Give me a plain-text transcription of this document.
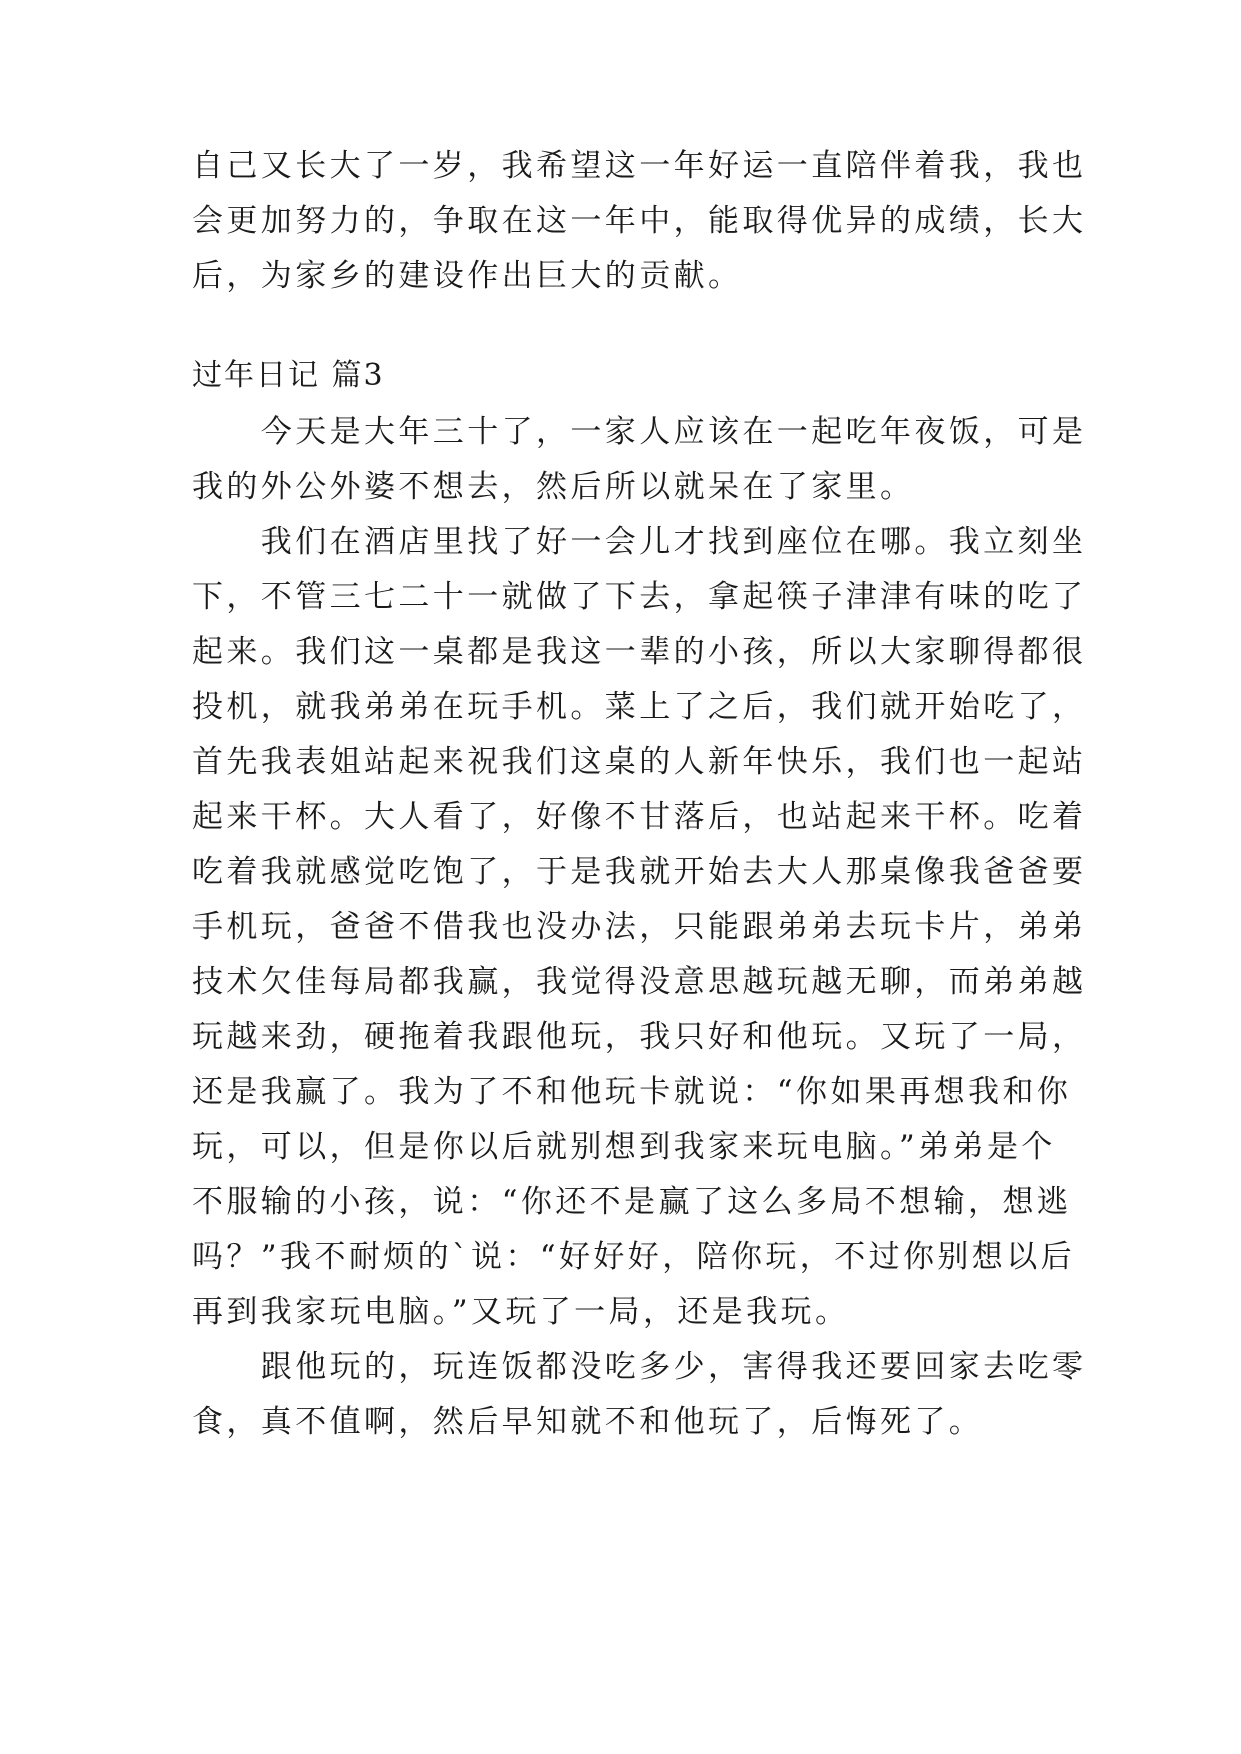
自己又长大了一岁，我希望这一年好运一直陪伴着我，我也

会更加努力的，争取在这一年中，能取得优异的成绩，长大

后，为家乡的建设作出巨大的贡献。

过年日记 篇3

　　今天是大年三十了，一家人应该在一起吃年夜饭，可是

我的外公外婆不想去，然后所以就呆在了家里。

　　我们在酒店里找了好一会儿才找到座位在哪。我立刻坐

下，不管三七二十一就做了下去，拿起筷子津津有味的吃了

起来。我们这一桌都是我这一辈的小孩，所以大家聊得都很

投机，就我弟弟在玩手机。菜上了之后，我们就开始吃了，

首先我表姐站起来祝我们这桌的人新年快乐，我们也一起站

起来干杯。大人看了，好像不甘落后，也站起来干杯。吃着

吃着我就感觉吃饱了，于是我就开始去大人那桌像我爸爸要

手机玩，爸爸不借我也没办法，只能跟弟弟去玩卡片，弟弟

技术欠佳每局都我赢，我觉得没意思越玩越无聊，而弟弟越

玩越来劲，硬拖着我跟他玩，我只好和他玩。又玩了一局，

还是我赢了。我为了不和他玩卡就说：“你如果再想我和你

玩，可以，但是你以后就别想到我家来玩电脑。”弟弟是个

不服输的小孩，说：“你还不是赢了这么多局不想输，想逃

吗？”我不耐烦的`说：“好好好，陪你玩，不过你别想以后

再到我家玩电脑。”又玩了一局，还是我玩。

　　跟他玩的，玩连饭都没吃多少，害得我还要回家去吃零

食，真不值啊，然后早知就不和他玩了，后悔死了。
